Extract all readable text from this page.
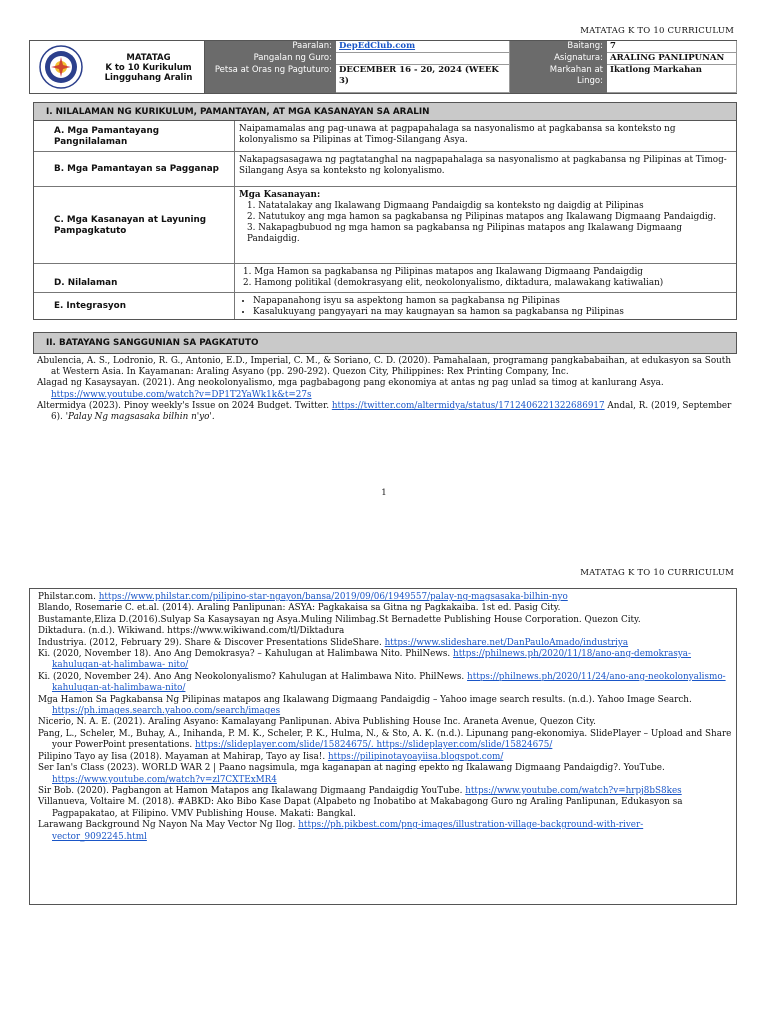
MATATAG K TO 10 CURRICULUM
MATATAG
K to 10 Kurikulum
Lingguhang Aralin
Paaralan: DepEdClub.com
Pangalan ng Guro:
Petsa at Oras ng Pagtuturo: DECEMBER 16 - 20, 2024 (WEEK 3)
Baitang: 7
Asignatura: ARALING PANLIPUNAN
Markahan at
Lingo:
Ikatlong Markahan
I. NILALAMAN NG KURIKULUM, PAMANTAYAN, AT MGA KASANAYAN SA ARALIN
A. Mga Pamantayang Pangnilalaman
Naipamamalas ang pag-unawa at pagpapahalaga sa nasyonalismo at pagkabansa sa konteksto ng kolonyalismo sa Pilipinas at Timog-Silangang Asya.
B. Mga Pamantayan sa Pagganap
Nakapagsasagawa ng pagtatanghal na nagpapahalaga sa nasyonalismo at pagkabansa ng Pilipinas at Timog-Silangang Asya sa konteksto ng kolonyalismo.
C. Mga Kasanayan at Layuning Pampagkatuto
Mga Kasanayan:
1. Natatalakay ang Ikalawang Digmaang Pandaigdig sa konteksto ng daigdig at Pilipinas
2. Natutukoy ang mga hamon sa pagkabansa ng Pilipinas matapos ang Ikalawang Digmaang Pandaigdig.
3. Nakapagbubuod ng mga hamon sa pagkabansa ng Pilipinas matapos ang Ikalawang Digmaang Pandaigdig.
D. Nilalaman
1. Mga Hamon sa pagkabansa ng Pilipinas matapos ang Ikalawang Digmaang Pandaigdig
2. Hamong politikal (demokrasyang elit, neokolonyalismo, diktadura, malawakang katiwalian)
E. Integrasyon
•	Napapanahong isyu sa aspektong hamon sa pagkabansa ng Pilipinas
• Kasalukuyang pangyayari na may kaugnayan sa hamon sa pagkabansa ng Pilipinas
II. BATAYANG SANGGUNIAN SA PAGKATUTO

Abulencia, A. S., Lodronio, R. G., Antonio, E.D., Imperial, C. M., & Soriano, C. D. (2020). Pamahalaan, programang pangkababaihan, at edukasyon sa South at Western Asia. In Kayamanan: Araling Asyano (pp. 290-292). Quezon City, Philippines: Rex Printing Company, Inc.

Alagad ng Kasaysayan. (2021). Ang neokolonyalismo, mga pagbabagong pang ekonomiya at antas ng pag unlad sa timog at kanlurang Asya. https://www.youtube.com/watch?v=DP1T2YaWk1k&t=27s

Altermidya (2023). Pinoy weekly's Issue on 2024 Budget. Twitter. https://twitter.com/altermidya/status/1712406221322686917 Andal, R. (2019, September 6). 'Palay Ng magsasaka bilhin n'yo'.

1
MATATAG K TO 10 CURRICULUM

Philstar.com. https://www.philstar.com/pilipino-star-ngayon/bansa/2019/09/06/1949557/palay-ng-magsasaka-bilhin-nyo

Blando, Rosemarie C. et.al. (2014). Araling Panlipunan: ASYA: Pagkakaisa sa Gitna ng Pagkakaiba. 1st ed. Pasig City.

Bustamante,Eliza D.(2016).Sulyap Sa Kasaysayan ng Asya.Muling Nilimbag.St Bernadette Publishing House Corporation. Quezon City.

Diktadura. (n.d.). Wikiwand. https://www.wikiwand.com/tl/Diktadura

Industriya. (2012, February 29). Share & Discover Presentations SlideShare. https://www.slideshare.net/DanPauloAmado/industriya

Ki. (2020, November 18). Ano Ang Demokrasya? – Kahulugan at Halimbawa Nito. PhilNews. https://philnews.ph/2020/11/18/ano-ang-demokrasya-kahulugan-at-halimbawa- nito/

Ki. (2020, November 24). Ano Ang Neokolonyalismo? Kahulugan at Halimbawa Nito. PhilNews. https://philnews.ph/2020/11/24/ano-ang-neokolonyalismo-kahulugan-at-halimbawa-nito/

Mga Hamon Sa Pagkabansa Ng Pilipinas matapos ang Ikalawang Digmaang Pandaigdig – Yahoo image search results. (n.d.). Yahoo Image Search. https://ph.images.search.yahoo.com/search/images

Nicerio, N. A. E. (2021). Araling Asyano: Kamalayang Panlipunan. Abiva Publishing House Inc. Araneta Avenue, Quezon City.

Pang, L., Scheler, M., Buhay, A., Inihanda, P. M. K., Scheler, P. K., Hulma, N., & Sto, A. K. (n.d.). Lipunang pang-ekonomiya. SlidePlayer – Upload and Share your PowerPoint presentations. https://slideplayer.com/slide/15824675/. https://slideplayer.com/slide/15824675/

Pilipino Tayo ay Iisa (2018). Mayaman at Mahirap, Tayo ay Iisa!. https://pilipinotayoayiisa.blogspot.com/

Ser Ian's Class (2023). WORLD WAR 2 | Paano nagsimula, mga kaganapan at naging epekto ng Ikalawang Digmaang Pandaigdig?. YouTube. https://www.youtube.com/watch?v=zl7CXTExMR4

Sir Bob. (2020). Pagbangon at Hamon Matapos ang Ikalawang Digmaang Pandaigdig YouTube. https://www.youtube.com/watch?v=hrpj8bS8kes

Villanueva, Voltaire M. (2018). #ABKD: Ako Bibo Kase Dapat (Alpabeto ng Inobatibo at Makabagong Guro ng Araling Panlipunan, Edukasyon sa Pagpapakatao, at Filipino. VMV Publishing House. Makati: Bangkal.

Larawang Background Ng Nayon Na May Vector Ng Ilog. https://ph.pikbest.com/png-images/illustration-village-background-with-river-vector_9092245.html
